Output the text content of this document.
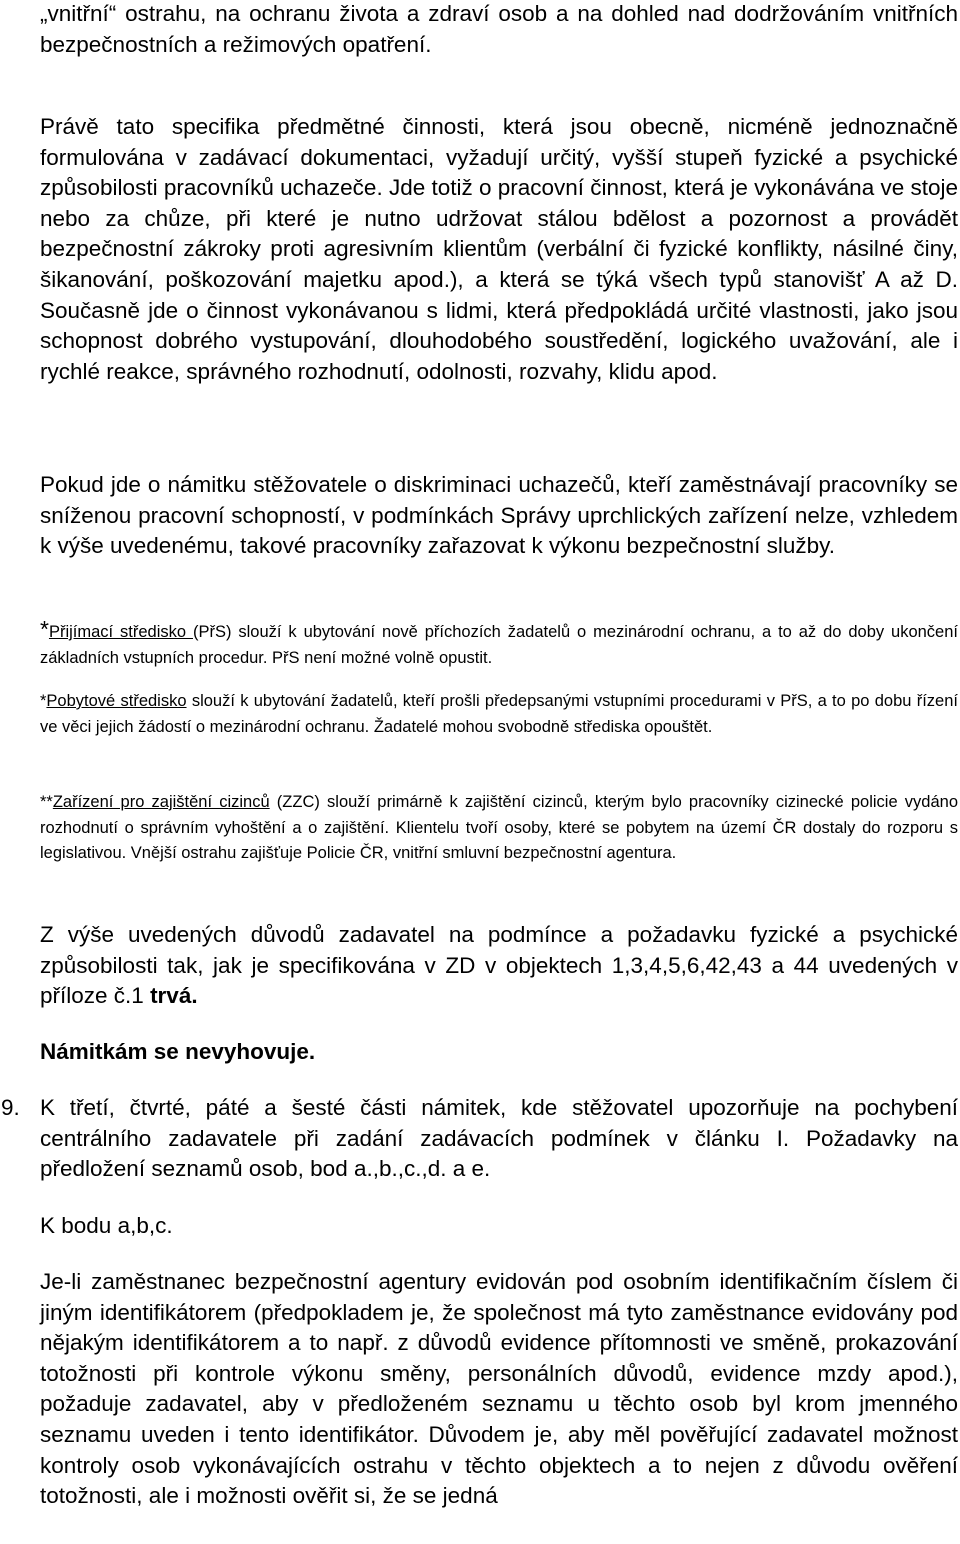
„vnitřní“ ostrahu, na ochranu života a zdraví osob a na dohled nad dodržováním vnitřních bezpečnostních a režimových opatření.

Právě tato specifika předmětné činnosti, která jsou obecně, nicméně jednoznačně formulována v zadávací dokumentaci, vyžadují určitý, vyšší stupeň fyzické a psychické způsobilosti pracovníků uchazeče. Jde totiž o pracovní činnost, která je vykonávána ve stoje nebo za chůze, při které je nutno udržovat stálou bdělost a pozornost a provádět bezpečnostní zákroky proti agresivním klientům (verbální či fyzické konflikty, násilné činy, šikanování, poškozování majetku apod.), a která se týká všech typů stanovišť A až D. Současně jde o činnost vykonávanou s lidmi, která předpokládá určité vlastnosti, jako jsou schopnost dobrého vystupování, dlouhodobého soustředění, logického uvažování, ale i rychlé reakce, správného rozhodnutí, odolnosti, rozvahy, klidu apod.

Pokud jde o námitku stěžovatele o diskriminaci uchazečů, kteří zaměstnávají pracovníky se sníženou pracovní schopností, v podmínkách Správy uprchlických zařízení nelze, vzhledem k výše uvedenému, takové pracovníky zařazovat k výkonu bezpečnostní služby.

*Přijímací středisko (PřS) slouží k ubytování nově příchozích žadatelů o mezinárodní ochranu, a to až do doby ukončení základních vstupních procedur. PřS není možné volně opustit.

*Pobytové středisko slouží k ubytování žadatelů, kteří prošli předepsanými vstupními procedurami v PřS, a to po dobu řízení ve věci jejich žádostí o mezinárodní ochranu. Žadatelé mohou svobodně střediska opouštět.

**Zařízení pro zajištění cizinců (ZZC) slouží primárně k zajištění cizinců, kterým bylo pracovníky cizinecké policie vydáno rozhodnutí o správním vyhoštění a o zajištění. Klientelu tvoří osoby, které se pobytem na území ČR dostaly do rozporu s legislativou. Vnější ostrahu zajišťuje Policie ČR, vnitřní smluvní bezpečnostní agentura.

Z výše uvedených důvodů zadavatel na podmínce a požadavku fyzické a psychické způsobilosti tak, jak je specifikována v ZD v objektech 1,3,4,5,6,42,43 a 44 uvedených v příloze č.1 trvá.

Námitkám se nevyhovuje.

9. K třetí, čtvrté, páté a šesté části námitek, kde stěžovatel upozorňuje na pochybení centrálního zadavatele při zadání zadávacích podmínek v článku I. Požadavky na předložení seznamů osob, bod a.,b.,c.,d. a e.

K bodu a,b,c.

Je-li zaměstnanec bezpečnostní agentury evidován pod osobním identifikačním číslem či jiným identifikátorem (předpokladem je, že společnost má tyto zaměstnance evidovány pod nějakým identifikátorem a to např. z důvodů evidence přítomnosti ve směně, prokazování totožnosti při kontrole výkonu směny, personálních důvodů, evidence mzdy apod.), požaduje zadavatel, aby v předloženém seznamu u těchto osob byl krom jmenného seznamu uveden i tento identifikátor. Důvodem je, aby měl pověřující zadavatel možnost kontroly osob vykonávajících ostrahu v těchto objektech a to nejen z důvodu ověření totožnosti, ale i možnosti ověřit si, že se jedná
